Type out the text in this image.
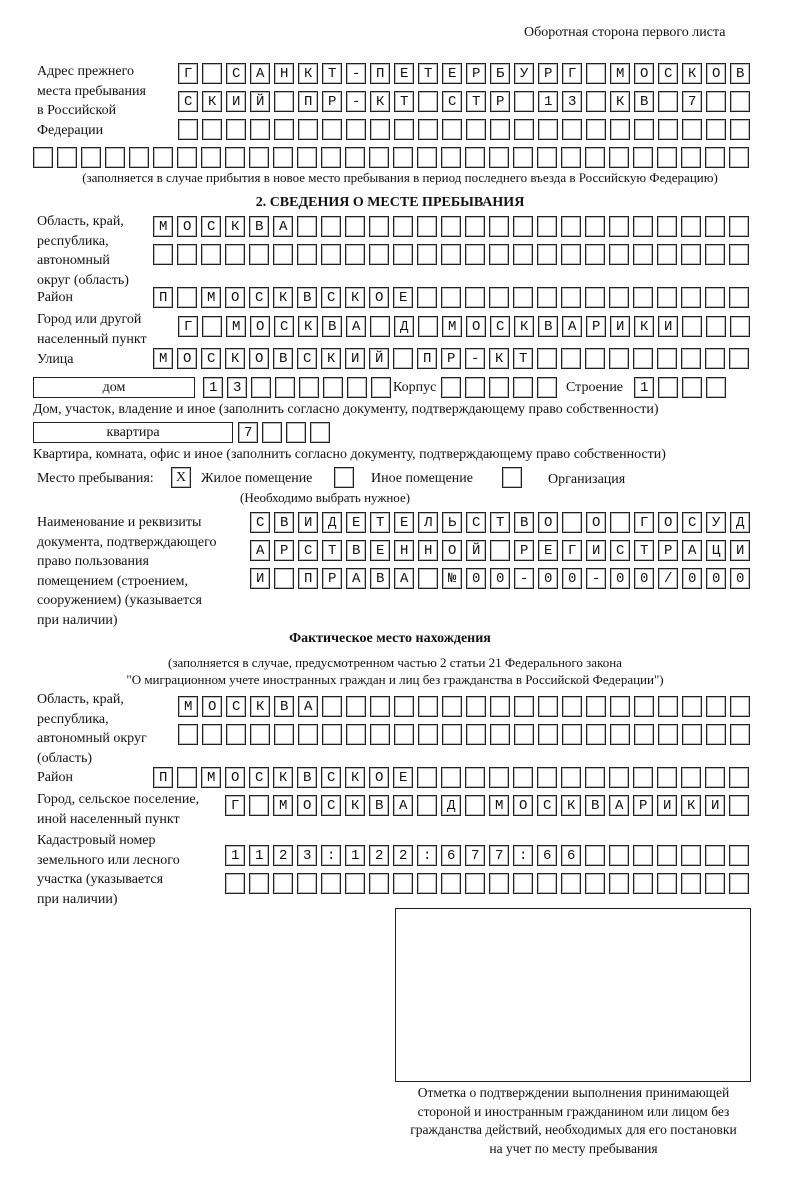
Оборотная сторона первого листа
Адрес прежнего
места пребывания
в Российской
Федерации
Г САНКТ-ПЕТЕРБУРГ МОСКОВ
СКИЙ ПР-КТ СТР 13 КВ 7

(заполняется в случае прибытия в новое место пребывания в период последнего въезда в Российскую Федерацию)
2. СВЕДЕНИЯ О МЕСТЕ ПРЕБЫВАНИЯ
Область, край,
республика,
автономный
округ (область)
МОСКВА

Район	П МОСКВСКОЕ
Город или другой
населенный пункт
Г МОСКВА Д МОСКВАРИКИ
Улица	МОСКОВСКИЙ ПР-КТ
дом	13
Корпус
	Строение 1
Дом, участок, владение и иное (заполнить согласно документу, подтверждающему право собственности)
квартира	7
Квартира, комната, офис и иное (заполнить согласно документу, подтверждающему право собственности)
Место пребывания:	X	Жилое помещение	Иное помещение	Организация
(Необходимо выбрать нужное)
Наименование и реквизиты
документа, подтверждающего
право пользования
помещением (строением,
сооружением) (указывается
при наличии)
СВИДЕТЕЛЬСТВО О ГОСУД
АРСТВЕННОЙ РЕГИСТРАЦИ
И ПРАВА №00-00-00/000
Фактическое место нахождения
(заполняется в случае, предусмотренном частью 2 статьи 21 Федерального закона
"О миграционном учете иностранных граждан и лиц без гражданства в Российской Федерации")
Область, край,
республика,
автономный округ
(область)
МОСКВА

Район	П МОСКВСКОЕ
Город, сельское поселение,
иной населенный пункт
Г МОСКВА Д МОСКВАРИКИ
Кадастровый номер
земельного или лесного
участка (указывается
при наличии)
1123:122:677:66

Отметка о подтверждении выполнения принимающей
стороной и иностранным гражданином или лицом без
гражданства действий, необходимых для его постановки
на учет по месту пребывания
